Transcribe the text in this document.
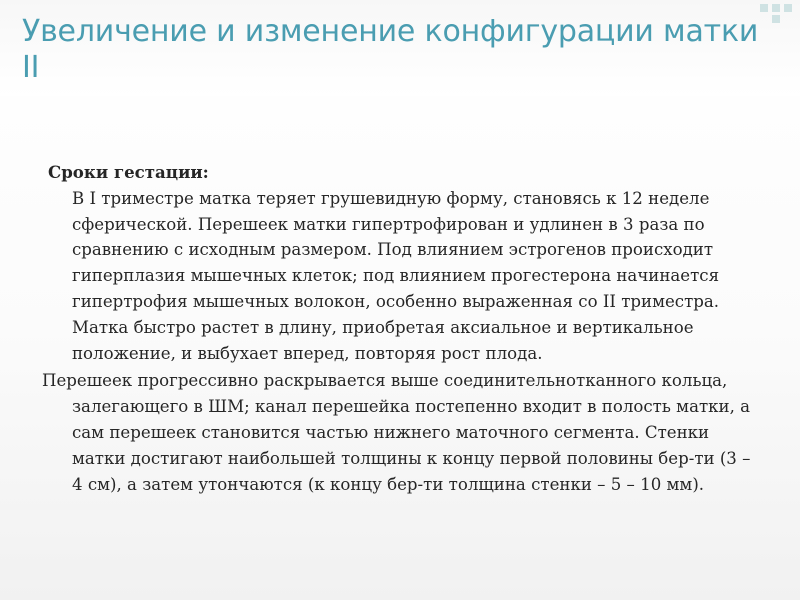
Увеличение и изменение конфигурации матки II
Сроки гестации:

В I триместре матка теряет грушевидную форму, становясь к 12 неделе сферической. Перешеек матки гипертрофирован и удлинен в 3 раза по сравнению с исходным размером. Под влиянием эстрогенов происходит гиперплазия мышечных клеток; под влиянием прогестерона начинается гипертрофия мышечных волокон, особенно выраженная со II триместра. Матка быстро растет в длину, приобретая аксиальное и вертикальное положение, и выбухает вперед, повторяя рост плода.

Перешеек прогрессивно раскрывается выше соединительнотканного кольца, залегающего в ШМ; канал перешейка постепенно входит в полость матки, а сам перешеек становится частью нижнего маточного сегмента. Стенки матки достигают наибольшей толщины к концу первой половины бер-ти (3 – 4 см), а затем утончаются (к концу бер-ти толщина стенки – 5 – 10 мм).
